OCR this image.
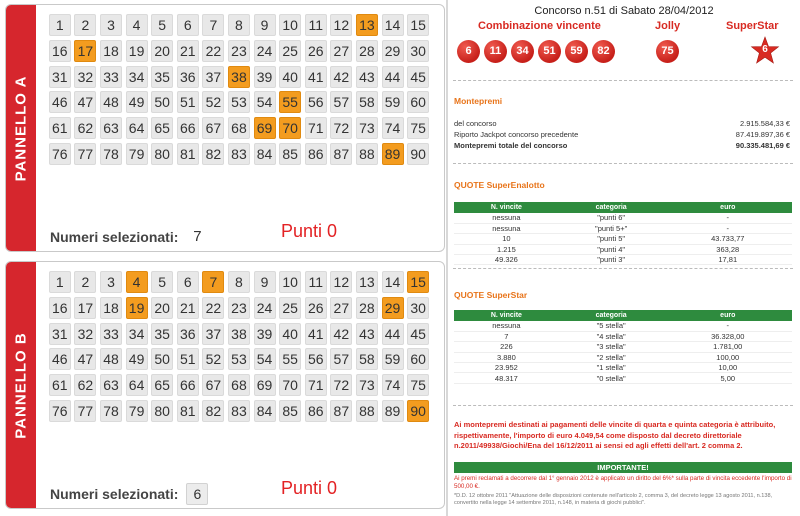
PANNELLO A
1	2	3	4	5	6	7	8	9 10 11 12 13 14 15
16 17 18 19 20 21 22 23 24 25 26 27 28 29 30
31 32 33 34 35 36 37 38 39 40 41 42 43 44 45
46 47 48 49 50 51 52 53 54 55 56 57 58 59 60
61 62 63 64 65 66 67 68 69 70 71 72 73 74 75
76 77 78 79 80 81 82 83 84 85 86 87 88 89 90
Numeri selezionati: 7	Punti 0
PANNELLO B
1	2	3	4	5	6	7	8	9 10 11 12 13 14 15
16 17 18 19 20 21 22 23 24 25 26 27 28 29 30
31 32 33 34 35 36 37 38 39 40 41 42 43 44 45
46 47 48 49 50 51 52 53 54 55 56 57 58 59 60
61 62 63 64 65 66 67 68 69 70 71 72 73 74 75
76 77 78 79 80 81 82 83 84 85 86 87 88 89 90
Numeri selezionati:	6	Punti 0
Concorso n.51 di Sabato 28/04/2012
Combinazione vincente	Jolly	SuperStar
6	11	34	51	59	82	75	6
Montepremi
del concorso	2.915.584,33 €
Riporto Jackpot concorso precedente	87.419.897,36 €
Montepremi totale del concorso	90.335.481,69 €
QUOTE SuperEnalotto
N. vincite	categoria	euro
nessuna	"punti 6"	-
nessuna	"punti 5+"	-
10	"punti 5"	43.733,77
1.215	"punti 4"	363,28
49.326	"punti 3"	17,81
QUOTE SuperStar
N. vincite	categoria	euro
nessuna	"5 stella"	-
7	"4 stella"	36.328,00
226	"3 stella"	1.781,00
3.880	"2 stella"	100,00
23.952	"1 stella"	10,00
48.317	"0 stella"	5,00
Ai montepremi destinati ai pagamenti delle vincite di quarta e quinta categoria è attribuito, rispettivamente, l'importo di euro 4.049,54 come disposto dal decreto direttoriale n.2011/49938/Giochi/Ena del 16/12/2011 ai sensi ed agli effetti dell'art. 2 comma 2.
IMPORTANTE!
Ai premi reclamati a decorrere dal 1° gennaio 2012 è applicato un diritto del 6%* sulla parte di vincita eccedente l'importo di 500,00 €.
*D.D. 12 ottobre 2011 "Attuazione delle disposizioni contenute nell'articolo 2, comma 3, del decreto legge 13 agosto 2011, n.138, convertito nella legge 14 settembre 2011, n.148, in materia di giochi pubblici".
